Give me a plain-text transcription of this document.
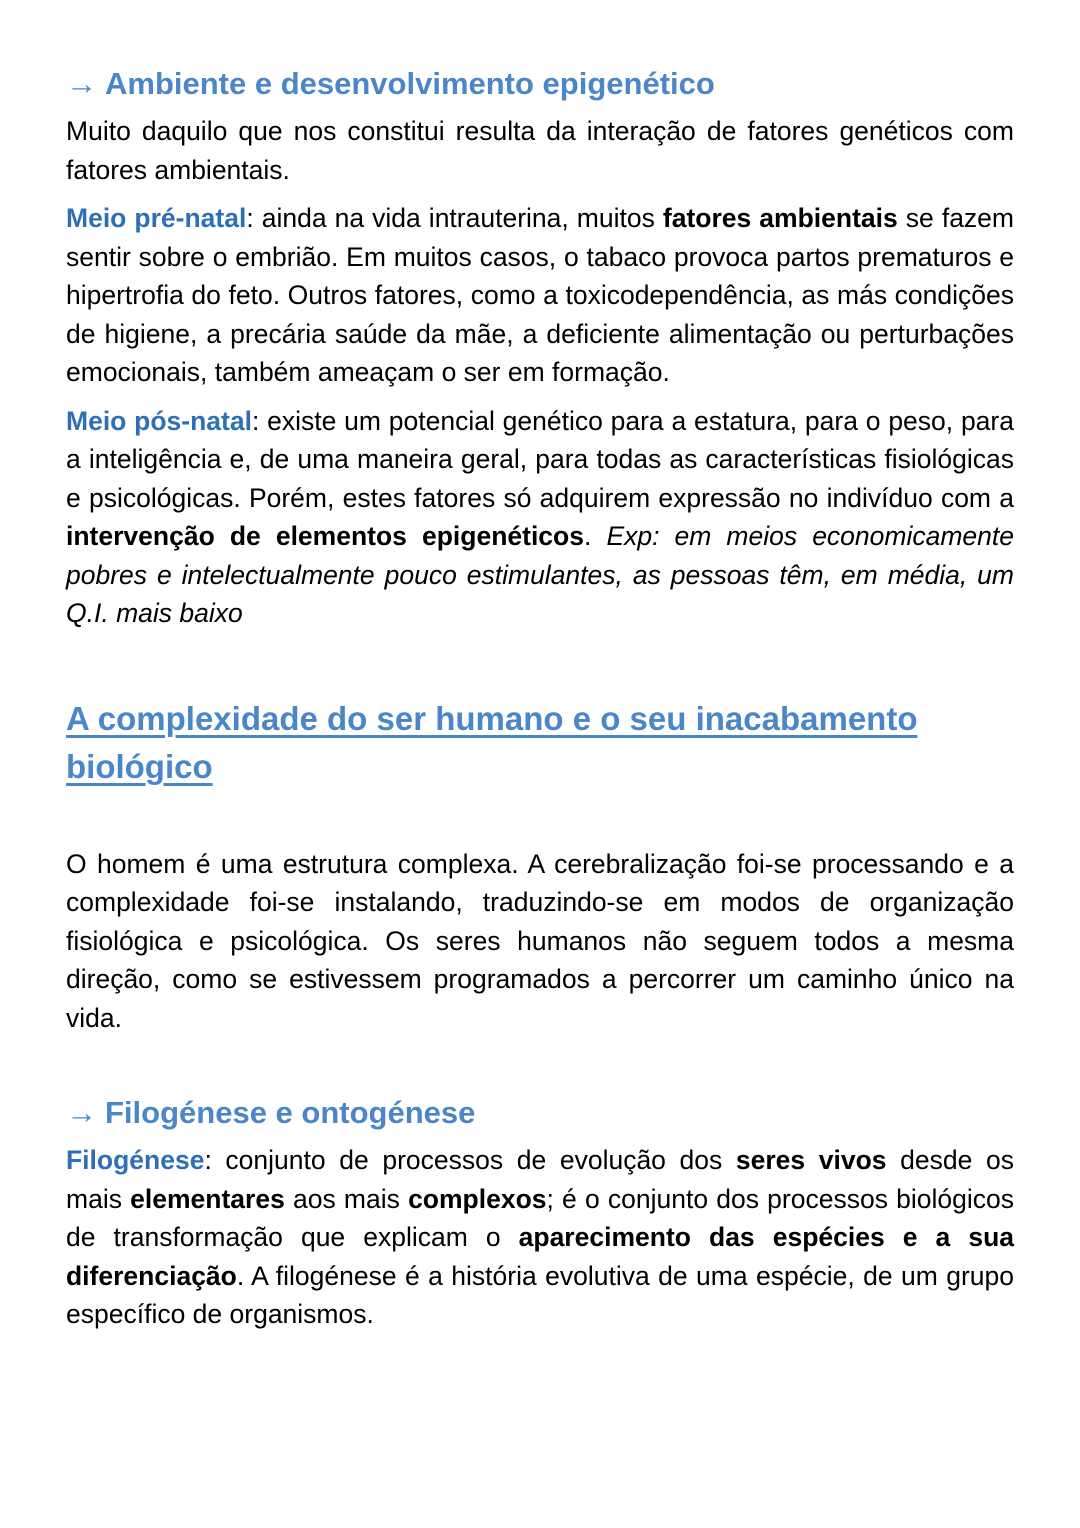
→ Ambiente e desenvolvimento epigenético

Muito daquilo que nos constitui resulta da interação de fatores genéticos com fatores ambientais.

Meio pré-natal: ainda na vida intrauterina, muitos fatores ambientais se fazem sentir sobre o embrião. Em muitos casos, o tabaco provoca partos prematuros e hipertrofia do feto. Outros fatores, como a toxicodependência, as más condições de higiene, a precária saúde da mãe, a deficiente alimentação ou perturbações emocionais, também ameaçam o ser em formação.

Meio pós-natal: existe um potencial genético para a estatura, para o peso, para a inteligência e, de uma maneira geral, para todas as características fisiológicas e psicológicas. Porém, estes fatores só adquirem expressão no indivíduo com a intervenção de elementos epigenéticos. Exp: em meios economicamente pobres e intelectualmente pouco estimulantes, as pessoas têm, em média, um Q.I. mais baixo

A complexidade do ser humano e o seu inacabamento biológico

O homem é uma estrutura complexa. A cerebralização foi-se processando e a complexidade foi-se instalando, traduzindo-se em modos de organização fisiológica e psicológica. Os seres humanos não seguem todos a mesma direção, como se estivessem programados a percorrer um caminho único na vida.

→ Filogénese e ontogénese

Filogénese: conjunto de processos de evolução dos seres vivos desde os mais elementares aos mais complexos; é o conjunto dos processos biológicos de transformação que explicam o aparecimento das espécies e a sua diferenciação. A filogénese é a história evolutiva de uma espécie, de um grupo específico de organismos.
